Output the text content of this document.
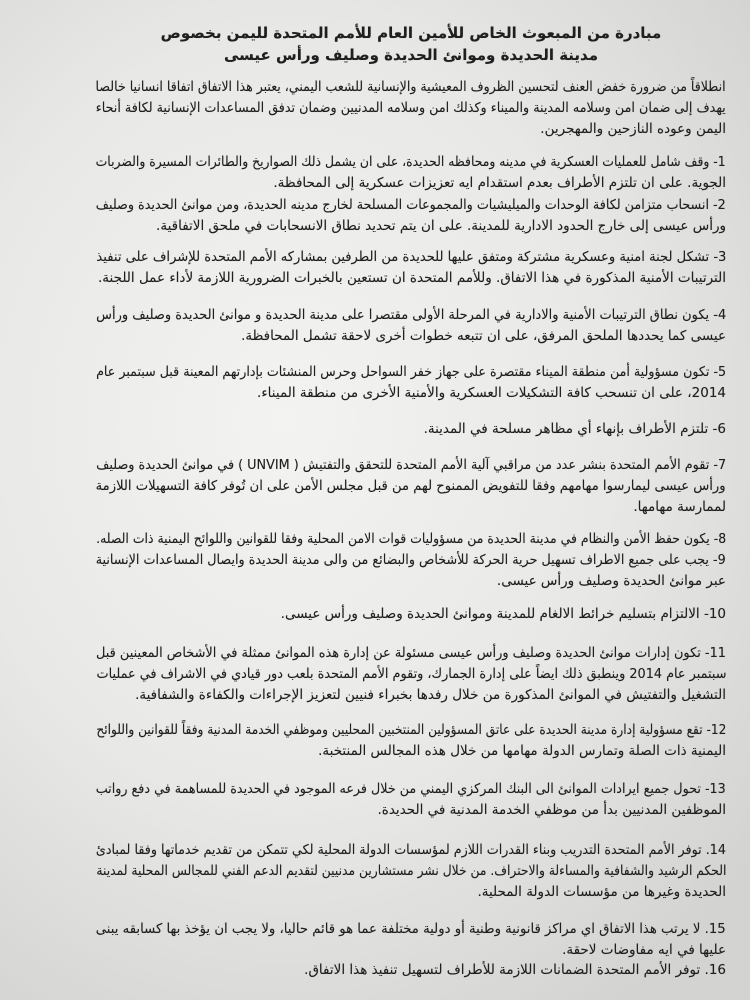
مبادرة من المبعوث الخاص للأمين العام للأمم المتحدة لليمن بخصوص
مدينة الحديدة وموانئ الحديدة وصليف ورأس عيسى
انطلاقاً من ضرورة خفض العنف لتحسين الظروف المعيشية والإنسانية للشعب اليمني، يعتبر هذا الاتفاق اتفاقا انسانيا خالصا
يهدف إلى ضمان امن وسلامه المدينة والميناء وكذلك امن وسلامه المدنيين وضمان تدفق المساعدات الإنسانية لكافة أنحاء
اليمن وعوده النازحين والمهجرين.
1- وقف شامل للعمليات العسكرية في مدينه ومحافظه الحديدة، على ان يشمل ذلك الصواريخ والطائرات المسيرة والضربات
الجوية. على ان تلتزم الأطراف بعدم استقدام ايه تعزيزات عسكرية إلى المحافظة.
2- انسحاب متزامن لكافة الوحدات والميليشيات والمجموعات المسلحة لخارج مدينه الحديدة، ومن موانئ الحديدة وصليف
ورأس عيسى إلى خارج الحدود الادارية للمدينة. على ان يتم تحديد نطاق الانسحابات في ملحق الاتفاقية.
3- تشكل لجنة امنية وعسكرية مشتركة ومتفق عليها للحديدة من الطرفين بمشاركه الأمم المتحدة للإشراف على تنفيذ
الترتيبات الأمنية المذكورة في هذا الاتفاق. وللأمم المتحدة ان تستعين بالخبرات الضرورية اللازمة لأداء عمل اللجنة.
4- يكون نطاق الترتيبات الأمنية والادارية في المرحلة الأولى مقتصرا على مدينة الحديدة و موانئ الحديدة وصليف ورأس
عيسى كما يحددها الملحق المرفق، على ان تتبعه خطوات أخرى لاحقة تشمل المحافظة.
5- تكون مسؤولية أمن منطقة الميناء مقتصرة على جهاز خفر السواحل وحرس المنشئات بإدارتهم المعينة قبل سبتمبر عام
2014، على ان تنسحب كافة التشكيلات العسكرية والأمنية الأخرى من منطقة الميناء.
6- تلتزم الأطراف بإنهاء أي مظاهر مسلحة في المدينة.
7- تقوم الأمم المتحدة بنشر عدد من مراقبي آلية الأمم المتحدة للتحقق والتفتيش ( UNVIM ) في موانئ الحديدة وصليف
ورأس عيسى ليمارسوا مهامهم وفقا للتفويض الممنوح لهم من قبل مجلس الأمن على ان تُوفر كافة التسهيلات اللازمة
لممارسة مهامها.
8- يكون حفظ الأمن والنظام في مدينة الحديدة من مسؤوليات قوات الامن المحلية وفقا للقوانين واللوائح اليمنية ذات الصله.
9- يجب على جميع الاطراف تسهيل حرية الحركة للأشخاص والبضائع من والى مدينة الحديدة وايصال المساعدات الإنسانية
عبر موانئ الحديدة وصليف ورأس عيسى.
10- الالتزام بتسليم خرائط الالغام للمدينة وموانئ الحديدة وصليف ورأس عيسى.
11- تكون إدارات موانئ الحديدة وصليف ورأس عيسى مسئولة عن إدارة هذه الموانئ ممثلة في الأشخاص المعينين قبل
سبتمبر عام 2014 وينطبق ذلك ايضاً على إدارة الجمارك، وتقوم الأمم المتحدة بلعب دور قيادي في الاشراف في عمليات
التشغيل والتفتيش في الموانئ المذكورة من خلال رفدها بخبراء فنيين لتعزيز الإجراءات والكفاءة والشفافية.
12- تقع مسؤولية إدارة مدينة الحديدة على عاتق المسؤولين المنتخبين المحليين وموظفي الخدمة المدنية وفقاً للقوانين واللوائح
اليمنية ذات الصلة وتمارس الدولة مهامها من خلال هذه المجالس المنتخبة.
13- تحول جميع ايرادات الموانئ الى البنك المركزي اليمني من خلال فرعه الموجود في الحديدة للمساهمة في دفع رواتب
الموظفين المدنيين بدأ من موظفي الخدمة المدنية في الحديدة.
14. توفر الأمم المتحدة التدريب وبناء القدرات اللازم لمؤسسات الدولة المحلية لكي تتمكن من تقديم خدماتها وفقا لمبادئ
الحكم الرشيد والشفافية والمساءلة والاحتراف. من خلال نشر مستشارين مدنيين لتقديم الدعم الفني للمجالس المحلية لمدينة
الحديدة وغيرها من مؤسسات الدولة المحلية.
15. لا يرتب هذا الاتفاق اي مراكز قانونية وطنية أو دولية مختلفة عما هو قائم حاليا، ولا يجب ان يؤخذ بها كسابقه يبنى
عليها في ايه مفاوضات لاحقة.
16. توفر الأمم المتحدة الضمانات اللازمة للأطراف لتسهيل تنفيذ هذا الاتفاق.
